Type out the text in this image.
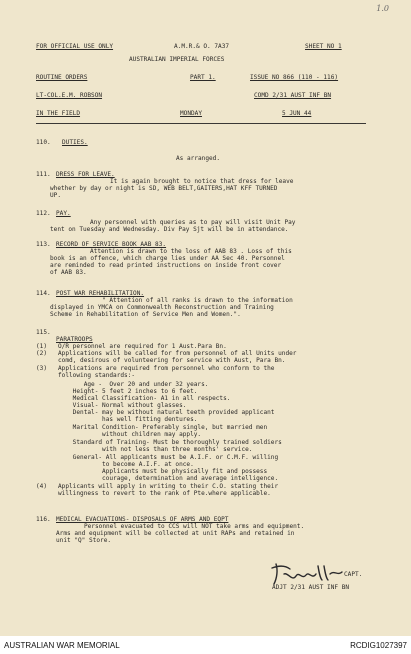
1.0
FOR OFFICIAL USE ONLY	A.M.R.& O. 7A37	SHEET NO 1
AUSTRALIAN IMPERIAL FORCES
ROUTINE ORDERS	PART 1.	ISSUE NO 866 (110 - 116)
LT-COL.E.M. ROBSON	COMD 2/31 AUST INF BN
IN THE FIELD	MONDAY	5 JUN 44
110. DUTIES.
As arranged.
111. DRESS FOR LEAVE.
It is again brought to notice that dress for leave
whether by day or night is SD, WEB BELT,GAITERS,HAT KFF TURNED
UP.
112. PAY.
Any personnel with queries as to pay will visit Unit Pay
tent on Tuesday and Wednesday. Div Pay Sjt will be in attendance.
113. RECORD OF SERVICE BOOK AAB 83.
Attention is drawn to the loss of AAB 83 . Loss of this
book is an offence, which charge lies under AA Sec 40. Personnel
are reminded to read printed instructions on inside front cover
of AAB 83.
114. POST WAR REHABILITATION.
" Attention of all ranks is drawn to the information
displayed in YMCA on Commonwealth Reconstruction and Training
Scheme in Rehabilitation of Service Men and Women.".
115.
PARATROOPS
(1)   O/R personnel are required for 1 Aust.Para Bn.
(2)   Applications will be called for from personnel of all Units under
comd, desirous of volunteering for service with Aust, Para Bn.
(3)   Applications are required from personnel who conform to the
following standards:-
Age -  Over 20 and under 32 years.
Height- 5 feet 2 inches to 6 feet.
Medical Classification- A1 in all respects.
Visual- Normal without glasses.
Dental- may be without natural teeth provided applicant
has well fitting dentures.
Marital Condition- Preferably single, but married men
without children may apply.
Standard of Training- Must be thoroughly trained soldiers
with not less than three months' service.
General- All applicants must be A.I.F. or C.M.F. willing
to become A.I.F. at once.
Applicants must be physically fit and possess
courage, determination and average intelligence.
(4)   Applicants will apply in writing to their C.O. stating their
willingness to revert to the rank of Pte.where applicable.
116. MEDICAL EVACUATIONS- DISPOSALS OF ARMS AND EQPT
Personnel evacuated to CCS will NOT take arms and equipment.
Arms and equipment will be collected at unit RAPs and retained in
unit "Q" Store.
CAPT.
ADJT 2/31 AUST INF BN
AUSTRALIAN WAR MEMORIAL	RCDIG1027397
